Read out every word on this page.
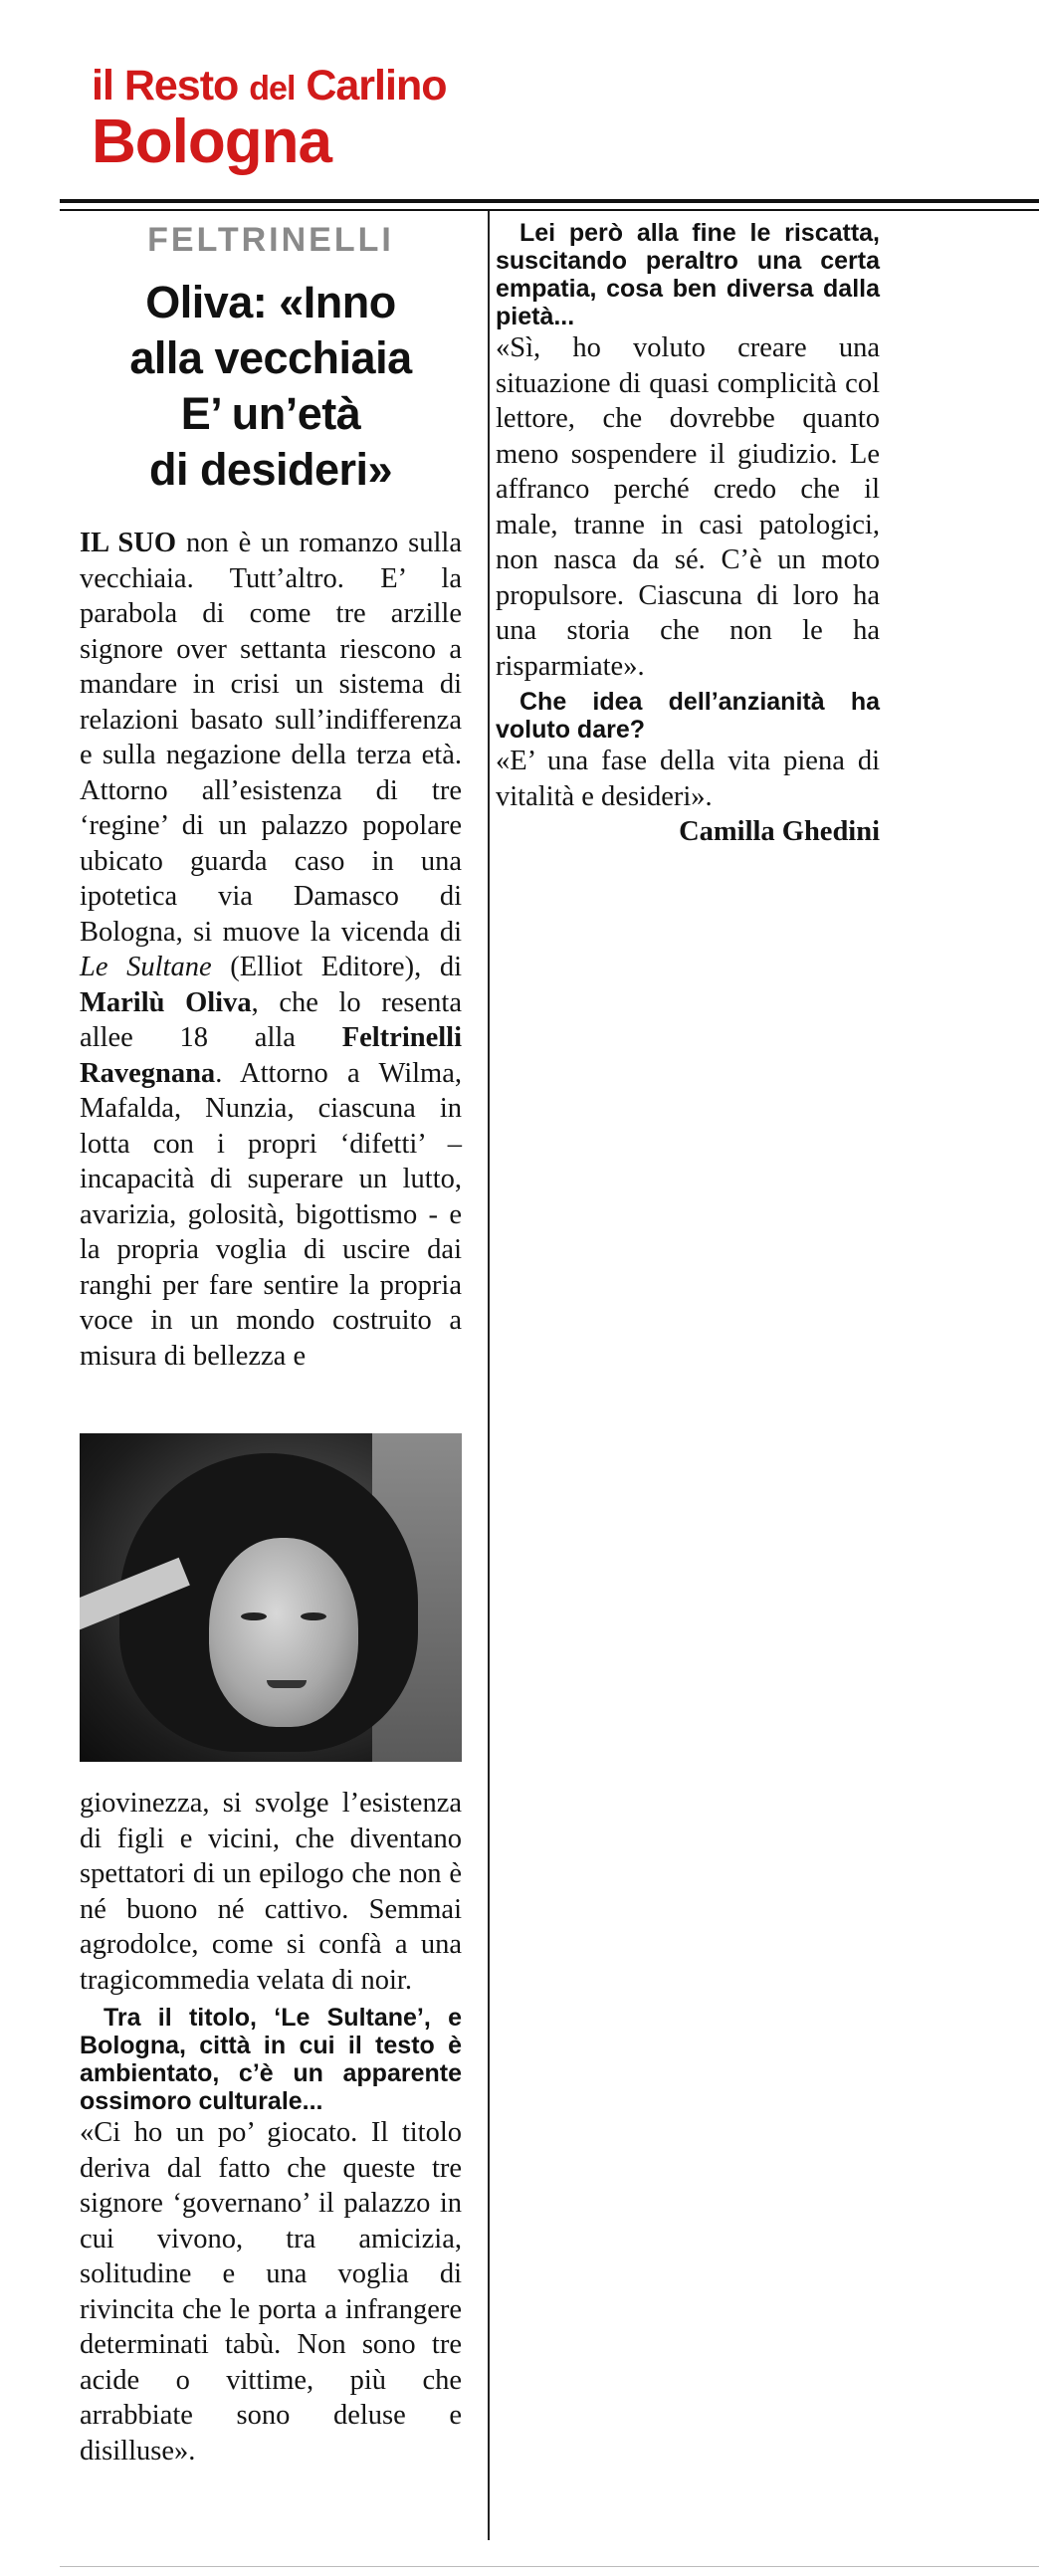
il Resto del Carlino
Bologna
FELTRINELLI
Oliva: «Inno
alla vecchiaia
E’ un’età
di desideri»

IL SUO non è un romanzo sulla vecchiaia. Tutt’altro. E’ la parabola di come tre arzille signore over settanta riescono a mandare in crisi un sistema di relazioni basato sull’indifferenza e sulla negazione della terza età. Attorno all’esistenza di tre ‘regine’ di un palazzo popolare ubicato guarda caso in una ipotetica via Damasco di Bologna, si muove la vicenda di Le Sultane (Elliot Editore), di Marilù Oliva, che lo resenta allee 18 alla Feltrinelli Ravegnana. Attorno a Wilma, Mafalda, Nunzia, ciascuna in lotta con i propri ‘difetti’ – incapacità di superare un lutto, avarizia, golosità, bigottismo - e la propria voglia di uscire dai ranghi per fare sentire la propria voce in un mondo costruito a misura di bellezza e

giovinezza, si svolge l’esistenza di figli e vicini, che diventano spettatori di un epilogo che non è né buono né cattivo. Semmai agrodolce, come si confà a una tragicommedia velata di noir.

Tra il titolo, ‘Le Sultane’, e Bologna, città in cui il testo è ambientato, c’è un apparente ossimoro culturale...

«Ci ho un po’ giocato. Il titolo deriva dal fatto che queste tre signore ‘governano’ il palazzo in cui vivono, tra amicizia, solitudine e una voglia di rivincita che le porta a infrangere determinati tabù. Non sono tre acide o vittime, più che arrabbiate sono deluse e disilluse».

Lei però alla fine le riscatta, suscitando peraltro una certa empatia, cosa ben diversa dalla pietà...

«Sì, ho voluto creare una situazione di quasi complicità col lettore, che dovrebbe quanto meno sospendere il giudizio. Le affranco perché credo che il male, tranne in casi patologici, non nasca da sé. C’è un moto propulsore. Ciascuna di loro ha una storia che non le ha risparmiate».

Che idea dell’anzianità ha voluto dare?

«E’ una fase della vita piena di vitalità e desideri».

Camilla Ghedini
